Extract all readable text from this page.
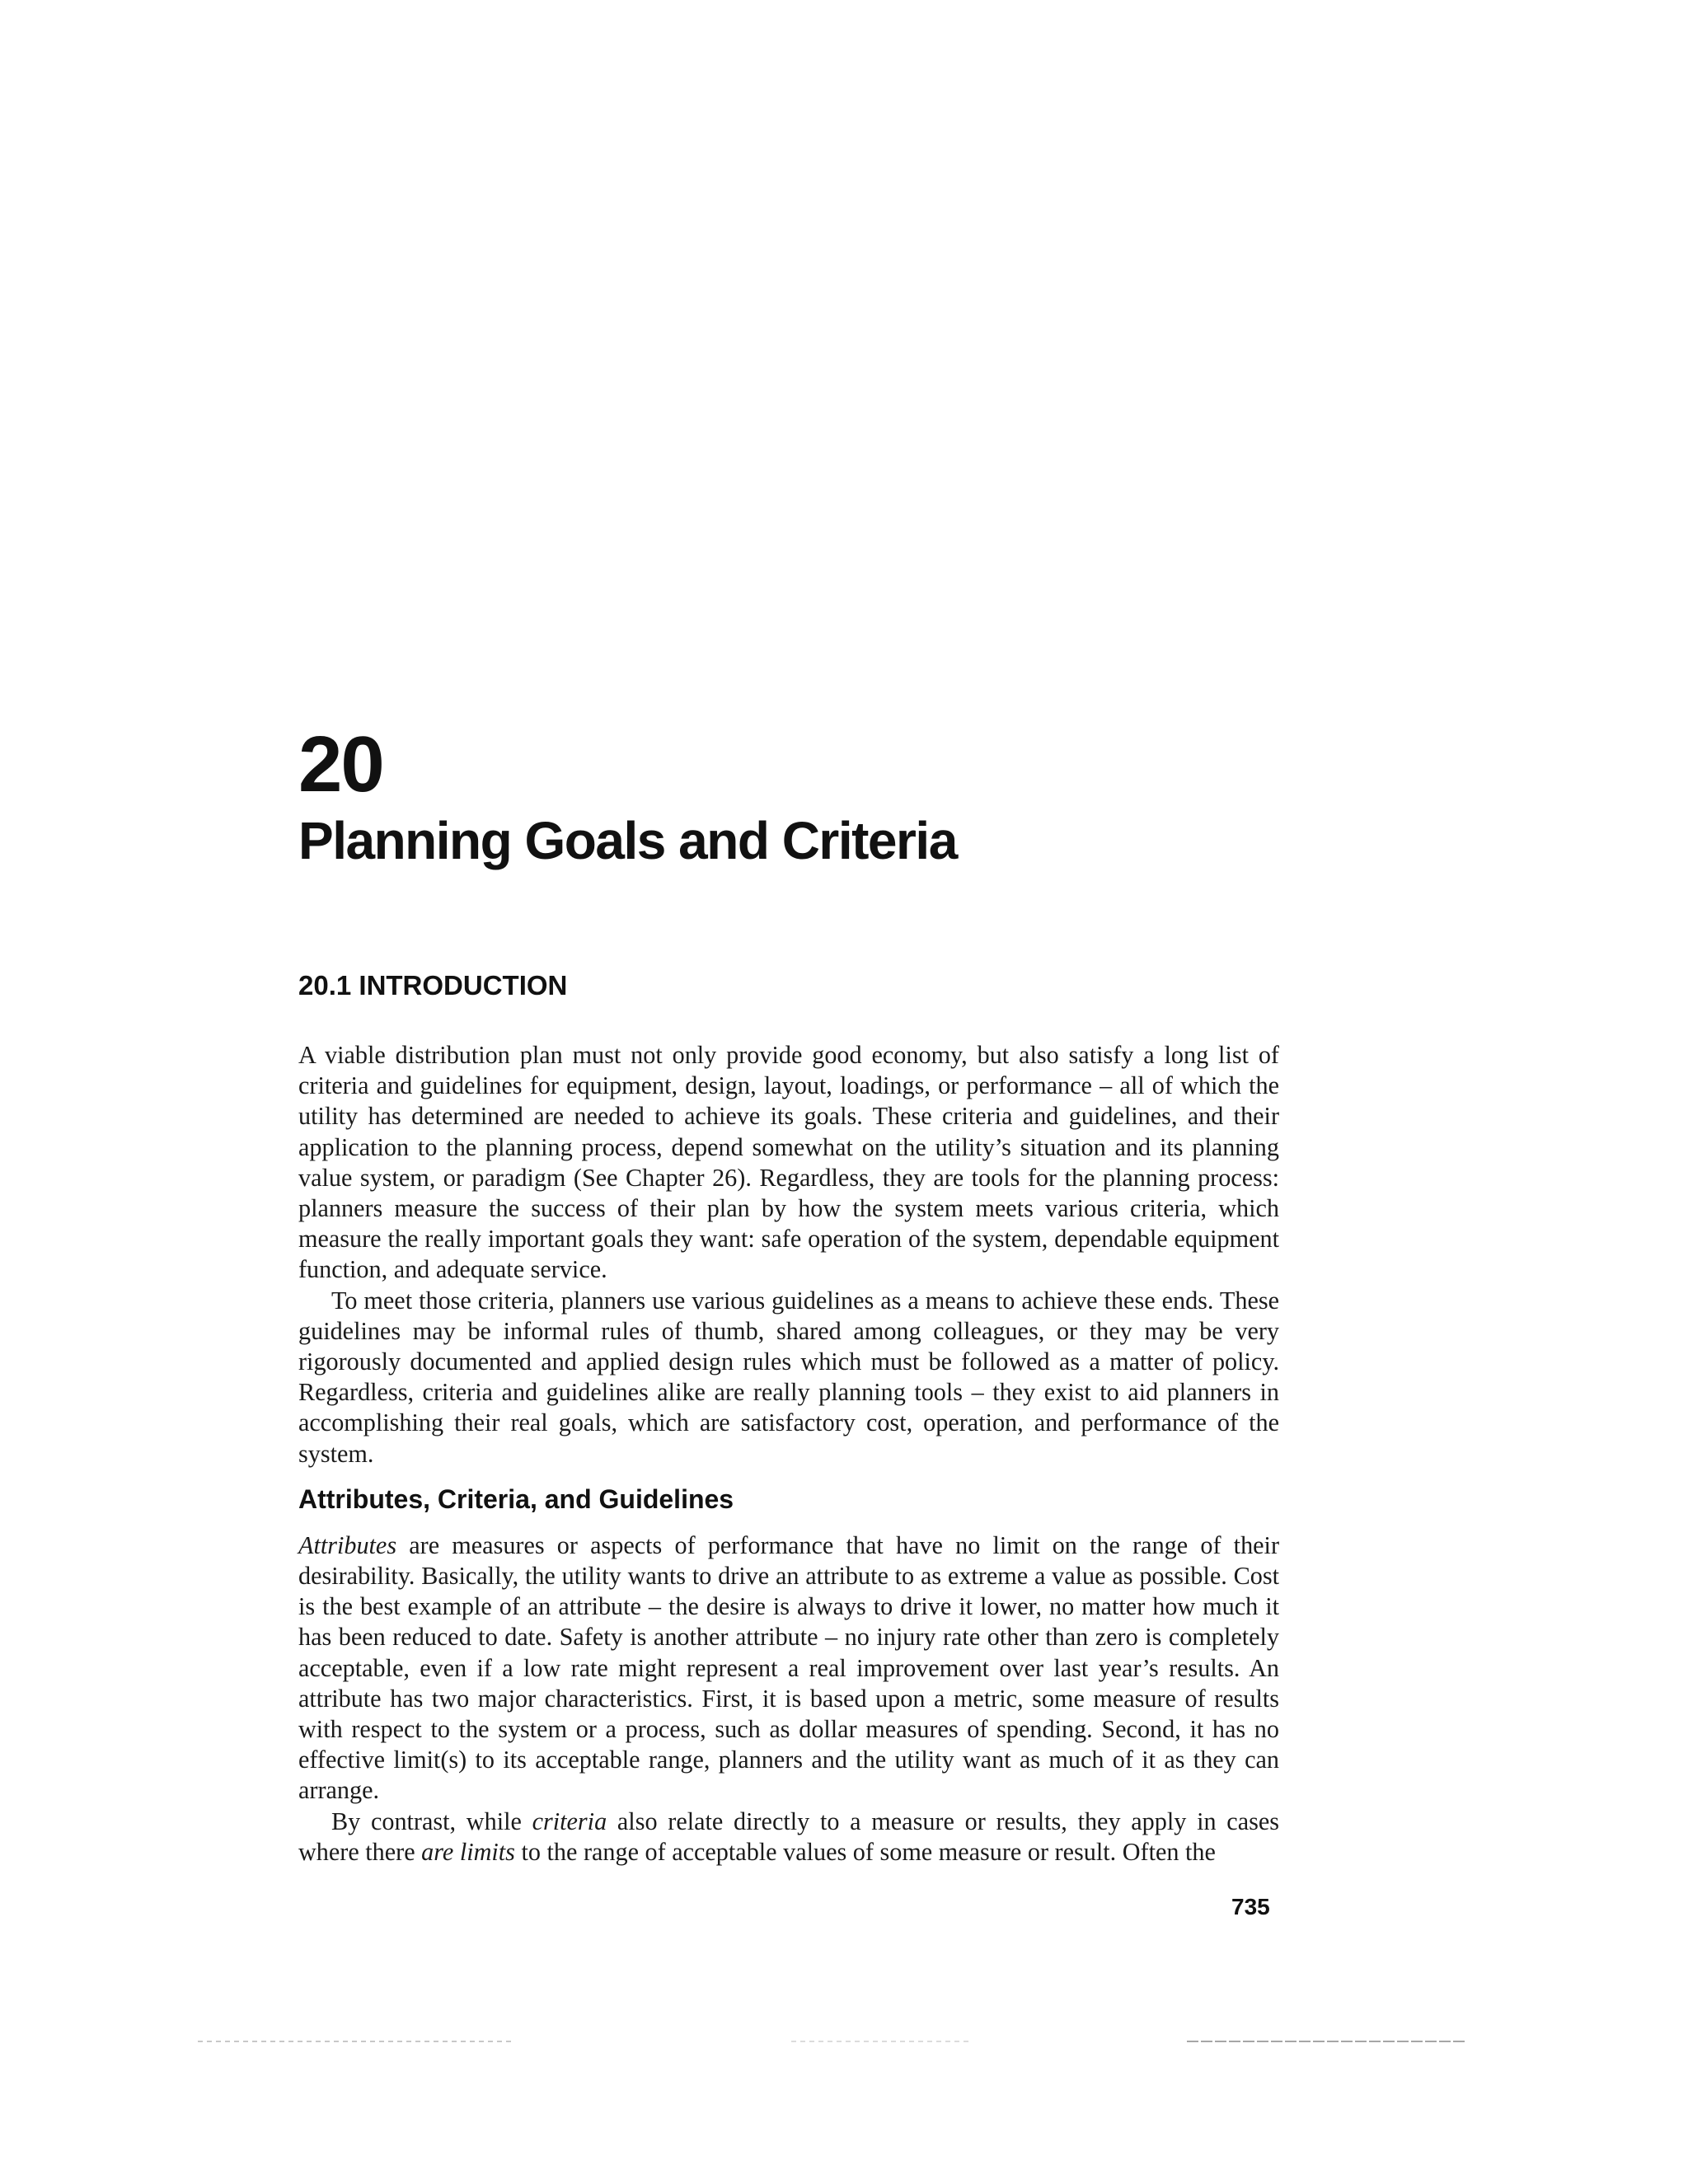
20
Planning Goals and Criteria
20.1 INTRODUCTION

A viable distribution plan must not only provide good economy, but also satisfy a long list of criteria and guidelines for equipment, design, layout, loadings, or performance – all of which the utility has determined are needed to achieve its goals. These criteria and guidelines, and their application to the planning process, depend somewhat on the utility’s situation and its planning value system, or paradigm (See Chapter 26). Regardless, they are tools for the planning process: planners measure the success of their plan by how the system meets various criteria, which measure the really important goals they want: safe operation of the system, dependable equipment function, and adequate service.

To meet those criteria, planners use various guidelines as a means to achieve these ends. These guidelines may be informal rules of thumb, shared among colleagues, or they may be very rigorously documented and applied design rules which must be followed as a matter of policy. Regardless, criteria and guidelines alike are really planning tools – they exist to aid planners in accomplishing their real goals, which are satisfactory cost, operation, and performance of the system.

Attributes, Criteria, and Guidelines

Attributes are measures or aspects of performance that have no limit on the range of their desirability. Basically, the utility wants to drive an attribute to as extreme a value as possible. Cost is the best example of an attribute – the desire is always to drive it lower, no matter how much it has been reduced to date. Safety is another attribute – no injury rate other than zero is completely acceptable, even if a low rate might represent a real improvement over last year’s results. An attribute has two major characteristics. First, it is based upon a metric, some measure of results with respect to the system or a process, such as dollar measures of spending. Second, it has no effective limit(s) to its acceptable range, planners and the utility want as much of it as they can arrange.

By contrast, while criteria also relate directly to a measure or results, they apply in cases where there are limits to the range of acceptable values of some measure or result. Often the

735
